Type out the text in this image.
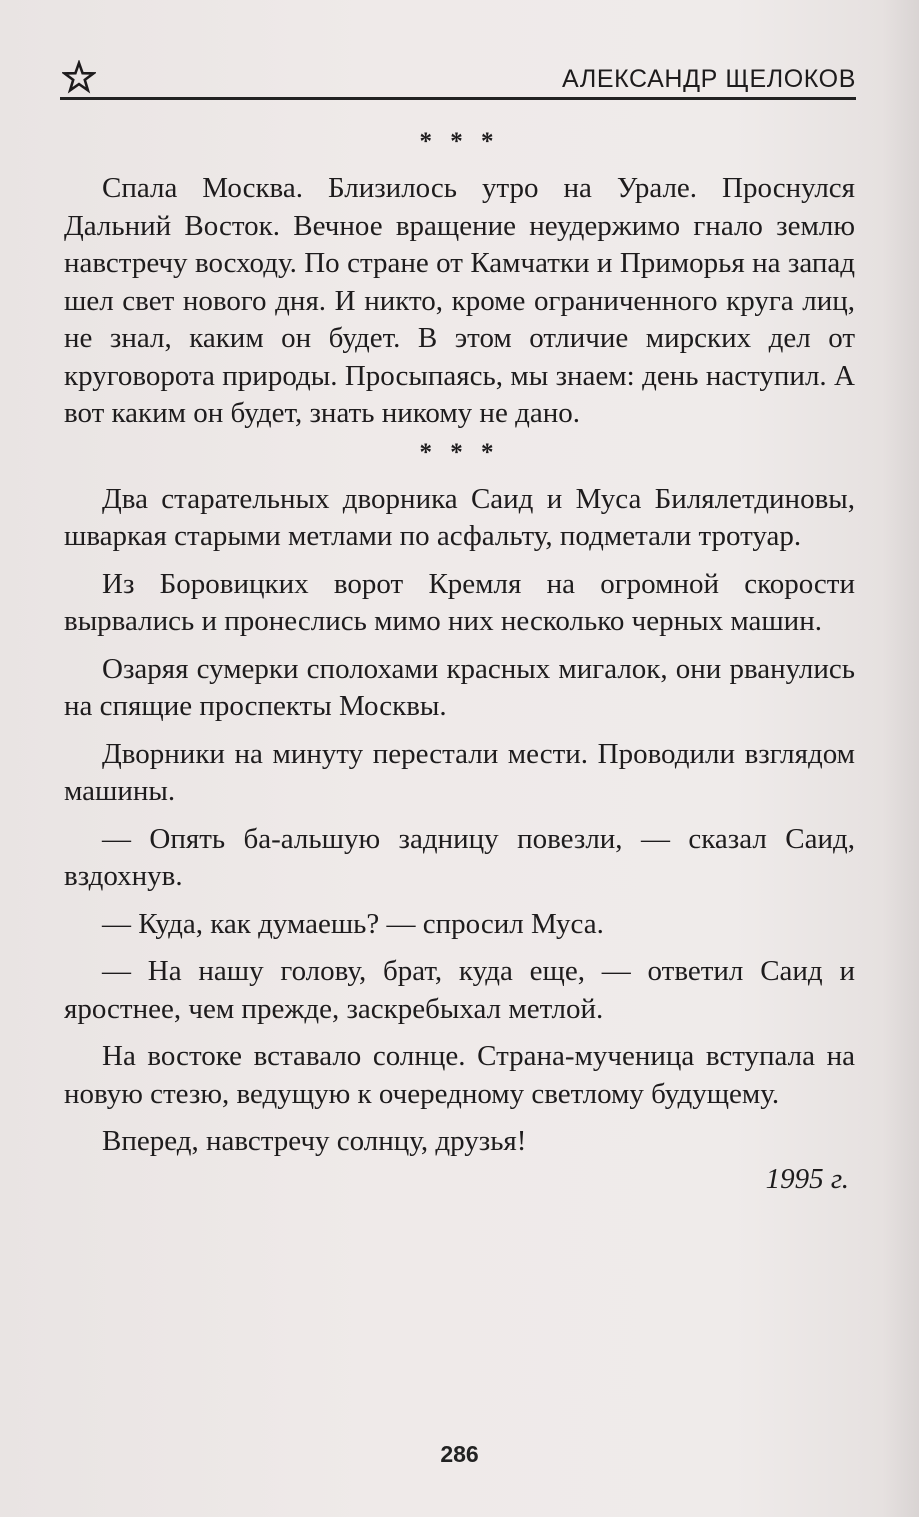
АЛЕКСАНДР ЩЕЛОКОВ
* * *

Спала Москва. Близилось утро на Урале. Проснулся Дальний Восток. Вечное вращение неудержимо гнало землю навстречу восходу. По стране от Камчатки и Приморья на запад шел свет нового дня. И никто, кроме ограниченного круга лиц, не знал, каким он будет. В этом отличие мирских дел от круговорота природы. Просыпаясь, мы знаем: день наступил. А вот каким он будет, знать никому не дано.

* * *

Два старательных дворника Саид и Муса Билялетдиновы, шваркая старыми метлами по асфальту, подметали тротуар.

Из Боровицких ворот Кремля на огромной скорости вырвались и пронеслись мимо них несколько черных машин.

Озаряя сумерки сполохами красных мигалок, они рванулись на спящие проспекты Москвы.

Дворники на минуту перестали мести. Проводили взглядом машины.

— Опять ба-альшую задницу повезли, — сказал Саид, вздохнув.

— Куда, как думаешь? — спросил Муса.

— На нашу голову, брат, куда еще, — ответил Саид и яростнее, чем прежде, заскребыхал метлой.

На востоке вставало солнце. Страна-мученица вступала на новую стезю, ведущую к очередному светлому будущему.

Вперед, навстречу солнцу, друзья!

1995 г.
286
